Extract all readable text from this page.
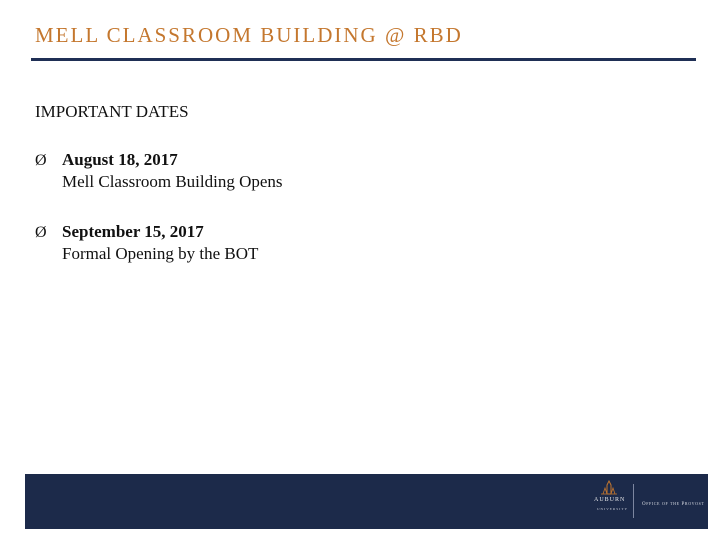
MELL CLASSROOM BUILDING @ RBD
IMPORTANT DATES
Ø August 18, 2017
Mell Classroom Building Opens
Ø September 15, 2017
Formal Opening by the BOT
AUBURN
UNIVERSITY
Office of the Provost
